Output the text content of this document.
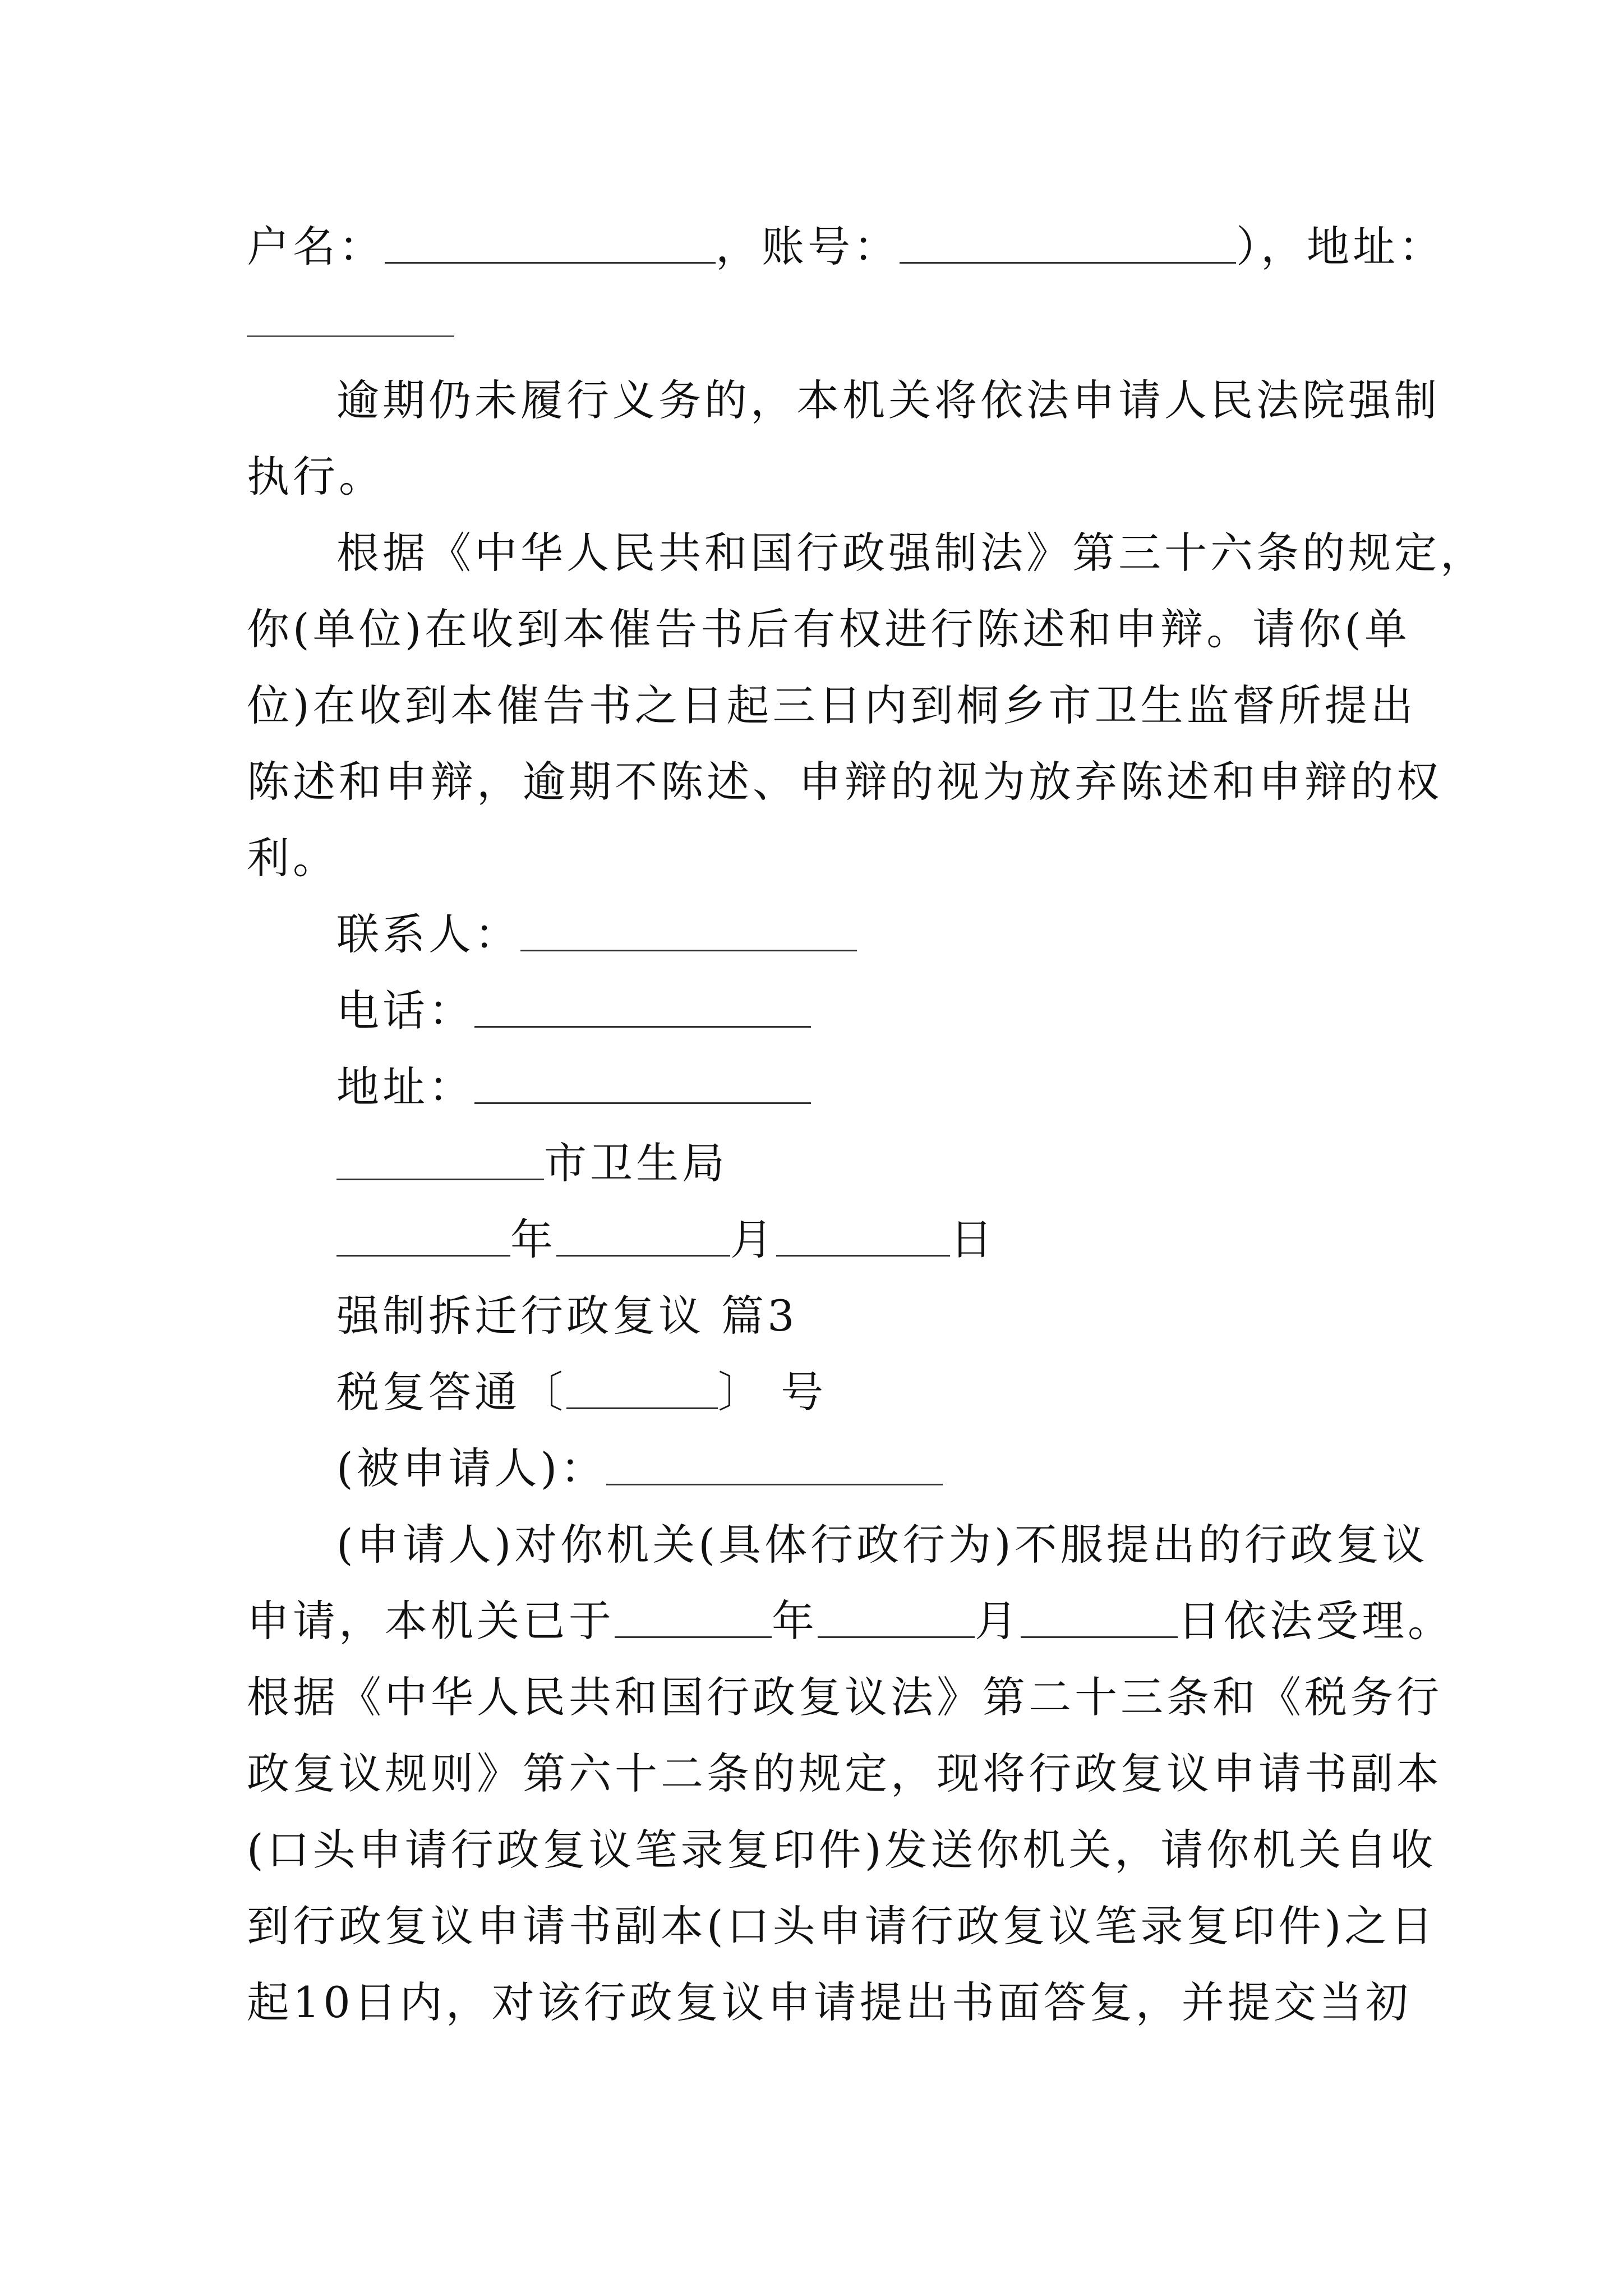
户名：	，账号：	），地址：
逾期仍未履行义务的，本机关将依法申请人民法院强制
执行。
根据《中华人民共和国行政强制法》第三十六条的规定，
你(单位)在收到本催告书后有权进行陈述和申辩。请你(单
位)在收到本催告书之日起三日内到桐乡市卫生监督所提出
陈述和申辩，逾期不陈述、申辩的视为放弃陈述和申辩的权
利。
联系人：
电话：
地址：
市卫生局
年	月	日
强制拆迁行政复议 篇3
税复答通〔	〕 号
(被申请人)：
(申请人)对你机关(具体行政行为)不服提出的行政复议
申请，本机关已于	年	月	日依法受理。
根据《中华人民共和国行政复议法》第二十三条和《税务行
政复议规则》第六十二条的规定，现将行政复议申请书副本
(口头申请行政复议笔录复印件)发送你机关，请你机关自收
到行政复议申请书副本(口头申请行政复议笔录复印件)之日
起10日内，对该行政复议申请提出书面答复，并提交当初
